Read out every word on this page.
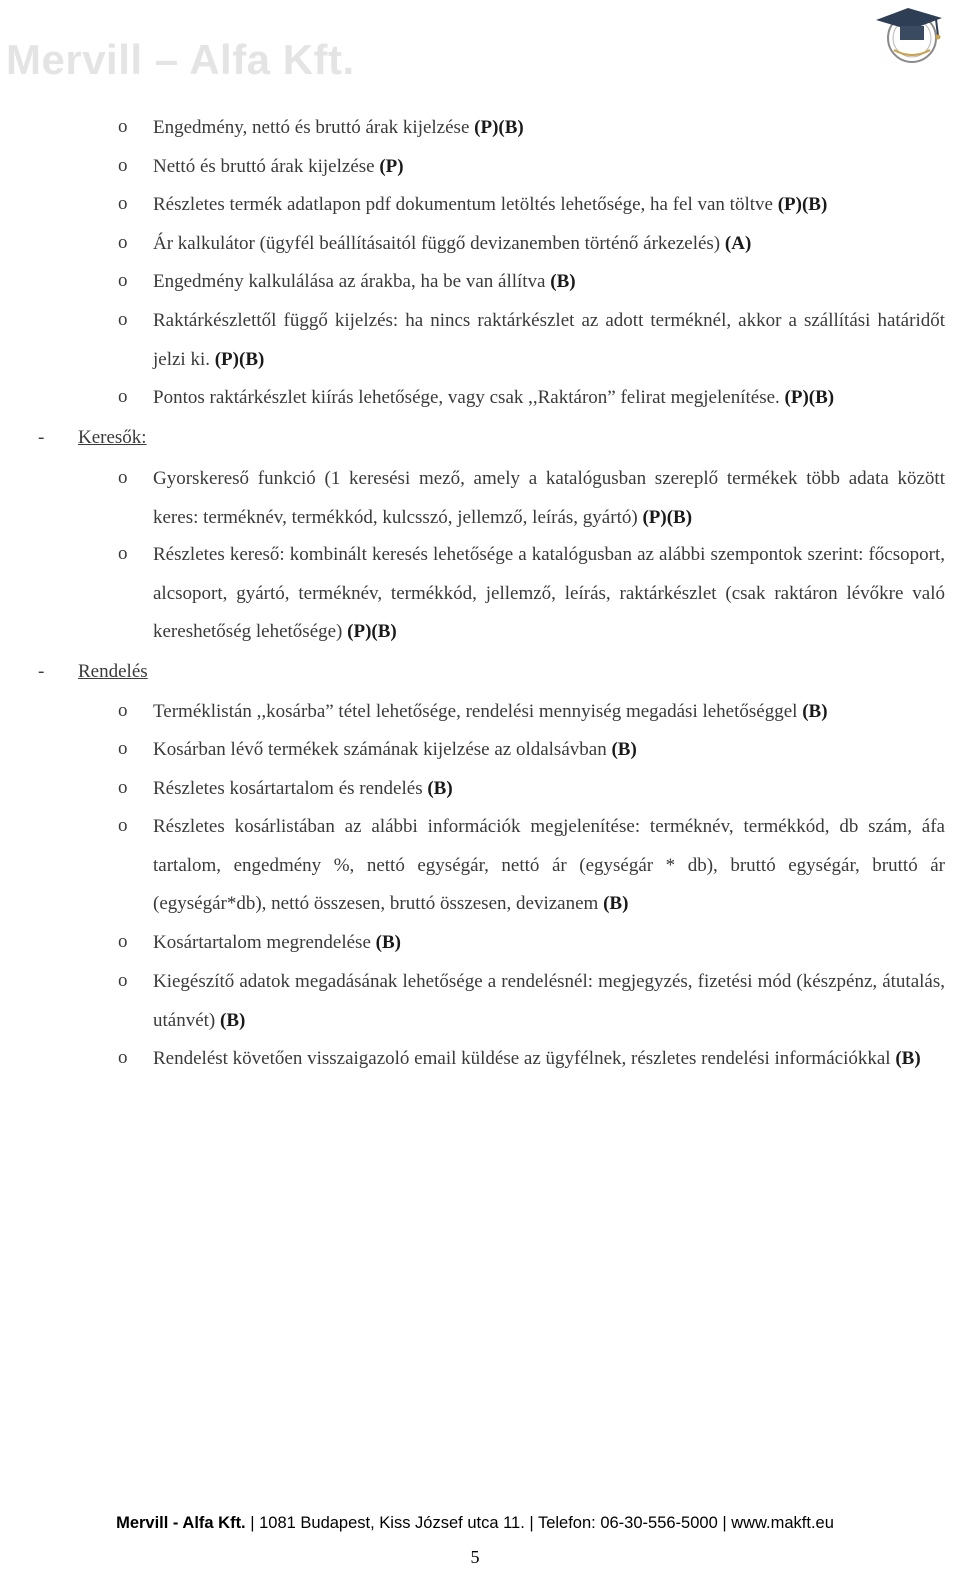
Mervill – Alfa Kft.
o Engedmény, nettó és bruttó árak kijelzése (P)(B)
o Nettó és bruttó árak kijelzése (P)
o Részletes termék adatlapon pdf dokumentum letöltés lehetősége, ha fel van töltve (P)(B)
o Ár kalkulátor (ügyfél beállításaitól függő devizanemben történő árkezelés) (A)
o Engedmény kalkulálása az árakba, ha be van állítva (B)
o Raktárkészlettől függő kijelzés: ha nincs raktárkészlet az adott terméknél, akkor a szállítási határidőt jelzi ki. (P)(B)
o Pontos raktárkészlet kiírás lehetősége, vagy csak ,,Raktáron” felirat megjelenítése. (P)(B)
- Keresők:
o Gyorskereső funkció (1 keresési mező, amely a katalógusban szereplő termékek több adata között keres: terméknév, termékkód, kulcsszó, jellemző, leírás, gyártó) (P)(B)
o Részletes kereső: kombinált keresés lehetősége a katalógusban az alábbi szempontok szerint: főcsoport, alcsoport, gyártó, terméknév, termékkód, jellemző, leírás, raktárkészlet (csak raktáron lévőkre való kereshetőség lehetősége) (P)(B)
- Rendelés
o Terméklistán ,,kosárba” tétel lehetősége, rendelési mennyiség megadási lehetőséggel (B)
o Kosárban lévő termékek számának kijelzése az oldalsávban (B)
o Részletes kosártartalom és rendelés (B)
o Részletes kosárlistában az alábbi információk megjelenítése: terméknév, termékkód, db szám, áfa tartalom, engedmény %, nettó egységár, nettó ár (egységár * db), bruttó egységár, bruttó ár (egységár*db), nettó összesen, bruttó összesen, devizanem (B)
o Kosártartalom megrendelése (B)
o Kiegészítő adatok megadásának lehetősége a rendelésnél: megjegyzés, fizetési mód (készpénz, átutalás, utánvét) (B)
o Rendelést követően visszaigazoló email küldése az ügyfélnek, részletes rendelési információkkal (B)
Mervill - Alfa Kft. | 1081 Budapest, Kiss József utca 11. | Telefon: 06-30-556-5000 | www.makft.eu
5
